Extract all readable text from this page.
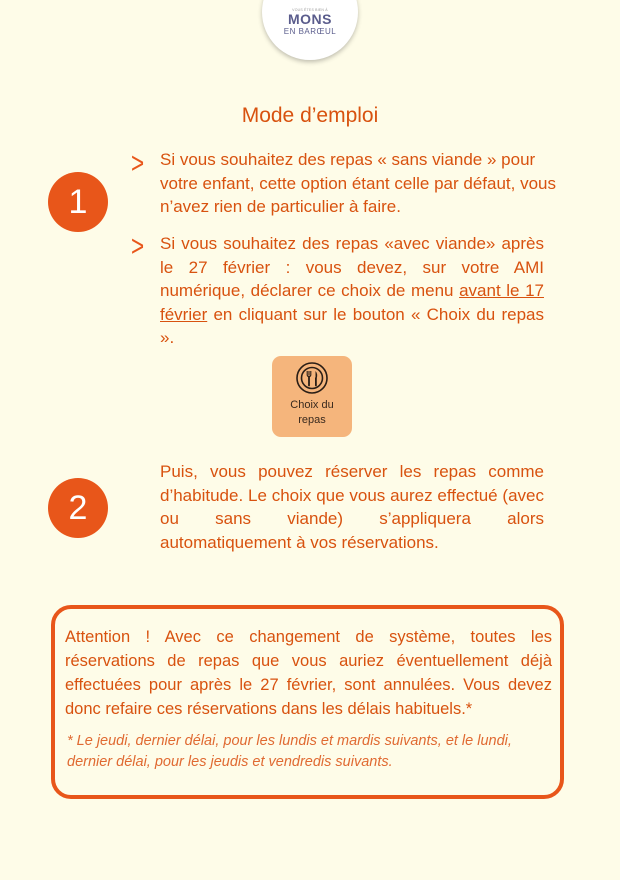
VOUS ÊTES BIEN À
MONS
EN BARŒUL
Mode d’emploi
1
> Si vous souhaitez des repas « sans viande » pour votre enfant, cette option étant celle par défaut, vous n’avez rien de particulier à faire.

> Si vous souhaitez des repas «avec viande» après le 27 février : vous devez, sur votre AMI numérique, déclarer ce choix de menu avant le 17 février en cliquant sur le bouton « Choix du repas ».

Choix du
repas
2

Puis, vous pouvez réserver les repas comme d’habitude. Le choix que vous aurez effectué (avec ou sans viande) s’appliquera alors automatiquement à vos réservations.

Attention ! Avec ce changement de système, toutes les réservations de repas que vous auriez éventuellement déjà effectuées pour après le 27 février, sont annulées. Vous devez donc refaire ces réservations dans les délais habituels.*

* Le jeudi, dernier délai, pour les lundis et mardis suivants, et le lundi, dernier délai, pour les jeudis et vendredis suivants.
